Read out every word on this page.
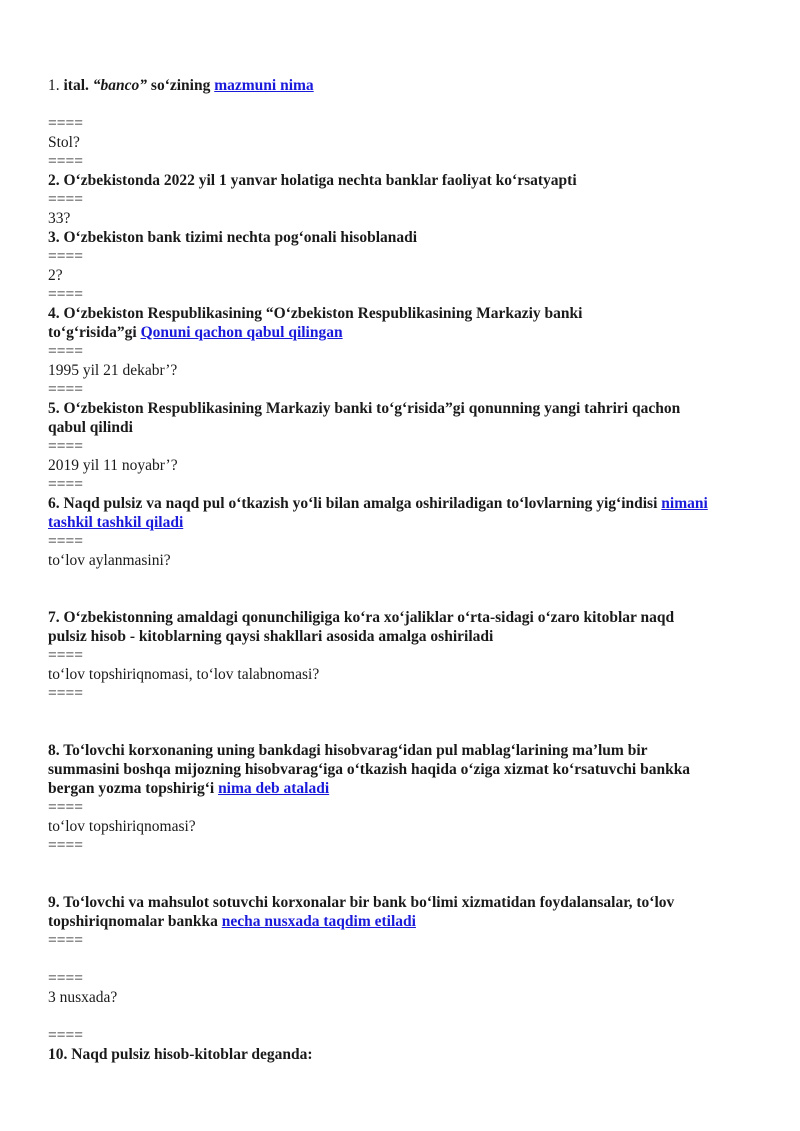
1. ital. “banco” so‘zining mazmuni nima

====

Stol?

====

2. O‘zbekistonda 2022 yil 1 yanvar holatiga nechta banklar faoliyat ko‘rsatyapti

====

33?

3. O‘zbekiston bank tizimi nechta pog‘onali hisoblanadi

====

2?

====

4. O‘zbekiston Respublikasining “O‘zbekiston Respublikasining Markaziy banki
to‘g‘risida”gi Qonuni qachon qabul qilingan

====

1995 yil 21 dekabr’?

====

5. O‘zbekiston Respublikasining Markaziy banki to‘g‘risida”gi qonunning yangi tahriri qachon
qabul qilindi

====

2019 yil 11 noyabr’?

====

6. Naqd pulsiz va naqd pul o‘tkazish yo‘li bilan amalga oshiriladigan to‘lovlarning yig‘indisi nimani
tashkil tashkil qiladi

====

to‘lov aylanmasini?

7. O‘zbekistonning amaldagi qonunchiligiga ko‘ra xo‘jaliklar o‘rta-sidagi o‘zaro kitoblar naqd
pulsiz hisob - kitoblarning qaysi shakllari asosida amalga oshiriladi

====

to‘lov topshiriqnomasi, to‘lov talabnomasi?

====

8. To‘lovchi korxonaning uning bankdagi hisobvarag‘idan pul mablag‘larining ma’lum bir
summasini boshqa mijozning hisobvarag‘iga o‘tkazish haqida o‘ziga xizmat ko‘rsatuvchi bankka
bergan yozma topshirig‘i nima deb ataladi

====

to‘lov topshiriqnomasi?

====

9. To‘lovchi va mahsulot sotuvchi korxonalar bir bank bo‘limi xizmatidan foydalansalar, to‘lov
topshiriqnomalar bankka necha nusxada taqdim etiladi

====

====

3 nusxada?

====

10. Naqd pulsiz hisob-kitoblar deganda:
